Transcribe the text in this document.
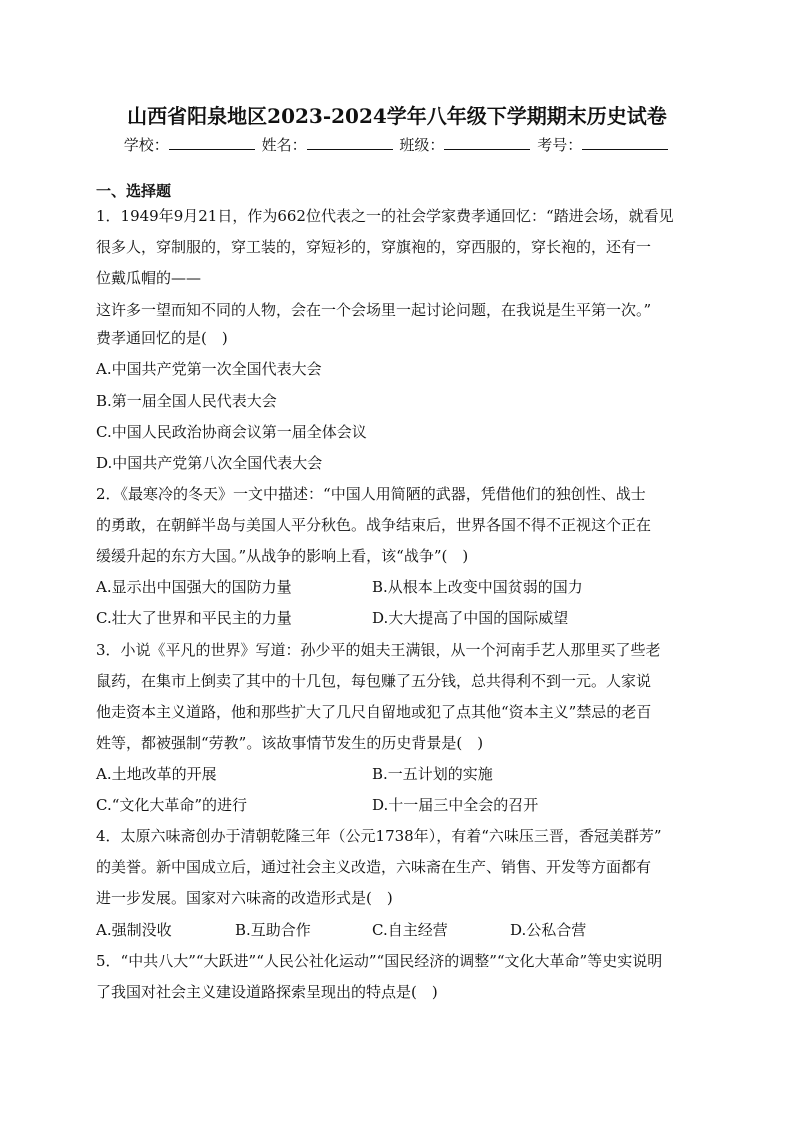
山西省阳泉地区2023-2024学年八年级下学期期末历史试卷
学校：	姓名：	班级：	考号：
一、选择题
1．1949年9月21日，作为662位代表之一的社会学家费孝通回忆：“踏进会场，就看见
很多人，穿制服的，穿工装的，穿短衫的，穿旗袍的，穿西服的，穿长袍的，还有一
位戴瓜帽的——
这许多一望而知不同的人物，会在一个会场里一起讨论问题，在我说是生平第一次。”
费孝通回忆的是(　)
A.中国共产党第一次全国代表大会
B.第一届全国人民代表大会
C.中国人民政治协商会议第一届全体会议
D.中国共产党第八次全国代表大会
2．《最寒冷的冬天》一文中描述：“中国人用简陋的武器，凭借他们的独创性、战士
的勇敢，在朝鲜半岛与美国人平分秋色。战争结束后，世界各国不得不正视这个正在
缓缓升起的东方大国。”从战争的影响上看，该“战争”(　)
A.显示出中国强大的国防力量	B.从根本上改变中国贫弱的国力
C.壮大了世界和平民主的力量	D.大大提高了中国的国际威望
3．小说《平凡的世界》写道：孙少平的姐夫王满银，从一个河南手艺人那里买了些老
鼠药，在集市上倒卖了其中的十几包，每包赚了五分钱，总共得利不到一元。人家说
他走资本主义道路，他和那些扩大了几尺自留地或犯了点其他“资本主义”禁忌的老百
姓等，都被强制“劳教”。该故事情节发生的历史背景是(　)
A.土地改革的开展	B.一五计划的实施
C.“文化大革命”的进行	D.十一届三中全会的召开
4．太原六味斋创办于清朝乾隆三年（公元1738年），有着“六味压三晋，香冠美群芳”
的美誉。新中国成立后，通过社会主义改造，六味斋在生产、销售、开发等方面都有
进一步发展。国家对六味斋的改造形式是(　)
A.强制没收	B.互助合作	C.自主经营	D.公私合营
5．“中共八大”“大跃进”“人民公社化运动”“国民经济的调整”“文化大革命”等史实说明
了我国对社会主义建设道路探索呈现出的特点是(　)
